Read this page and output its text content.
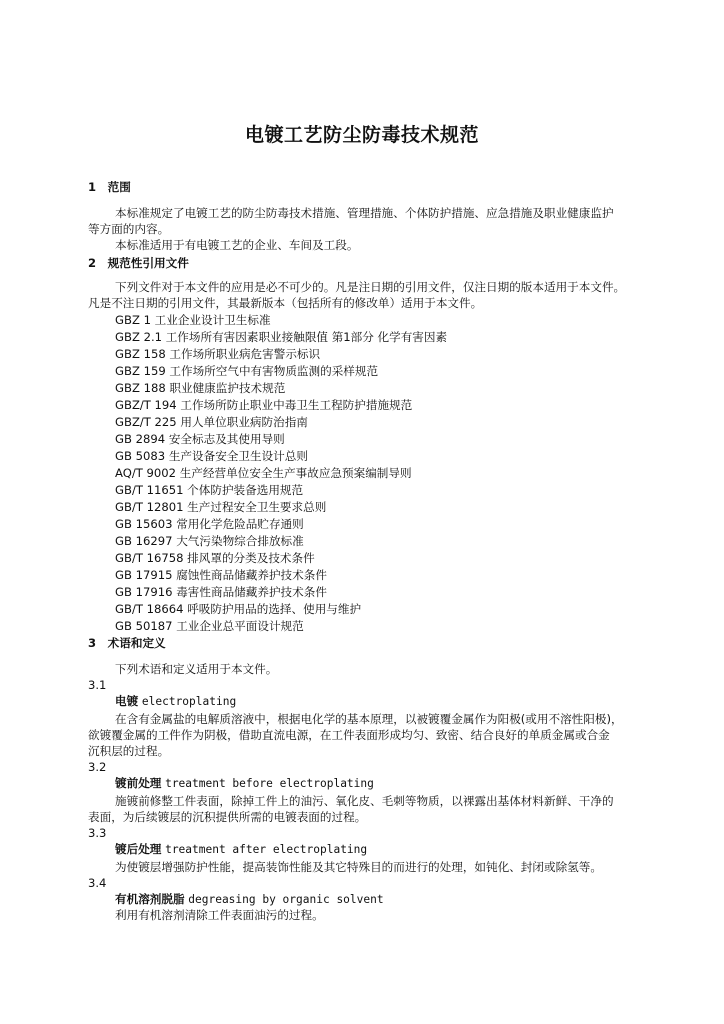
电镀工艺防尘防毒技术规范
1　范围
本标准规定了电镀工艺的防尘防毒技术措施、管理措施、个体防护措施、应急措施及职业健康监护
等方面的内容。
本标准适用于有电镀工艺的企业、车间及工段。
2　规范性引用文件
下列文件对于本文件的应用是必不可少的。凡是注日期的引用文件，仅注日期的版本适用于本文件。
凡是不注日期的引用文件，其最新版本（包括所有的修改单）适用于本文件。
GBZ 1 工业企业设计卫生标准
GBZ 2.1 工作场所有害因素职业接触限值 第1部分 化学有害因素
GBZ 158 工作场所职业病危害警示标识
GBZ 159 工作场所空气中有害物质监测的采样规范
GBZ 188 职业健康监护技术规范
GBZ/T 194 工作场所防止职业中毒卫生工程防护措施规范
GBZ/T 225 用人单位职业病防治指南
GB 2894 安全标志及其使用导则
GB 5083 生产设备安全卫生设计总则
AQ/T 9002 生产经营单位安全生产事故应急预案编制导则
GB/T 11651 个体防护装备选用规范
GB/T 12801 生产过程安全卫生要求总则
GB 15603 常用化学危险品贮存通则
GB 16297 大气污染物综合排放标准
GB/T 16758 排风罩的分类及技术条件
GB 17915 腐蚀性商品储藏养护技术条件
GB 17916 毒害性商品储藏养护技术条件
GB/T 18664 呼吸防护用品的选择、使用与维护
GB 50187 工业企业总平面设计规范
3　术语和定义
下列术语和定义适用于本文件。
3.1
电镀 electroplating
在含有金属盐的电解质溶液中，根据电化学的基本原理，以被镀覆金属作为阳极(或用不溶性阳极)，
欲镀覆金属的工件作为阴极，借助直流电源，在工件表面形成均匀、致密、结合良好的单质金属或合金
沉积层的过程。
3.2
镀前处理 treatment before electroplating
施镀前修整工件表面，除掉工件上的油污、氧化皮、毛刺等物质，以裸露出基体材料新鲜、干净的
表面，为后续镀层的沉积提供所需的电镀表面的过程。
3.3
镀后处理 treatment after electroplating
为使镀层增强防护性能，提高装饰性能及其它特殊目的而进行的处理，如钝化、封闭或除氢等。
3.4
有机溶剂脱脂 degreasing by organic solvent
利用有机溶剂清除工件表面油污的过程。
